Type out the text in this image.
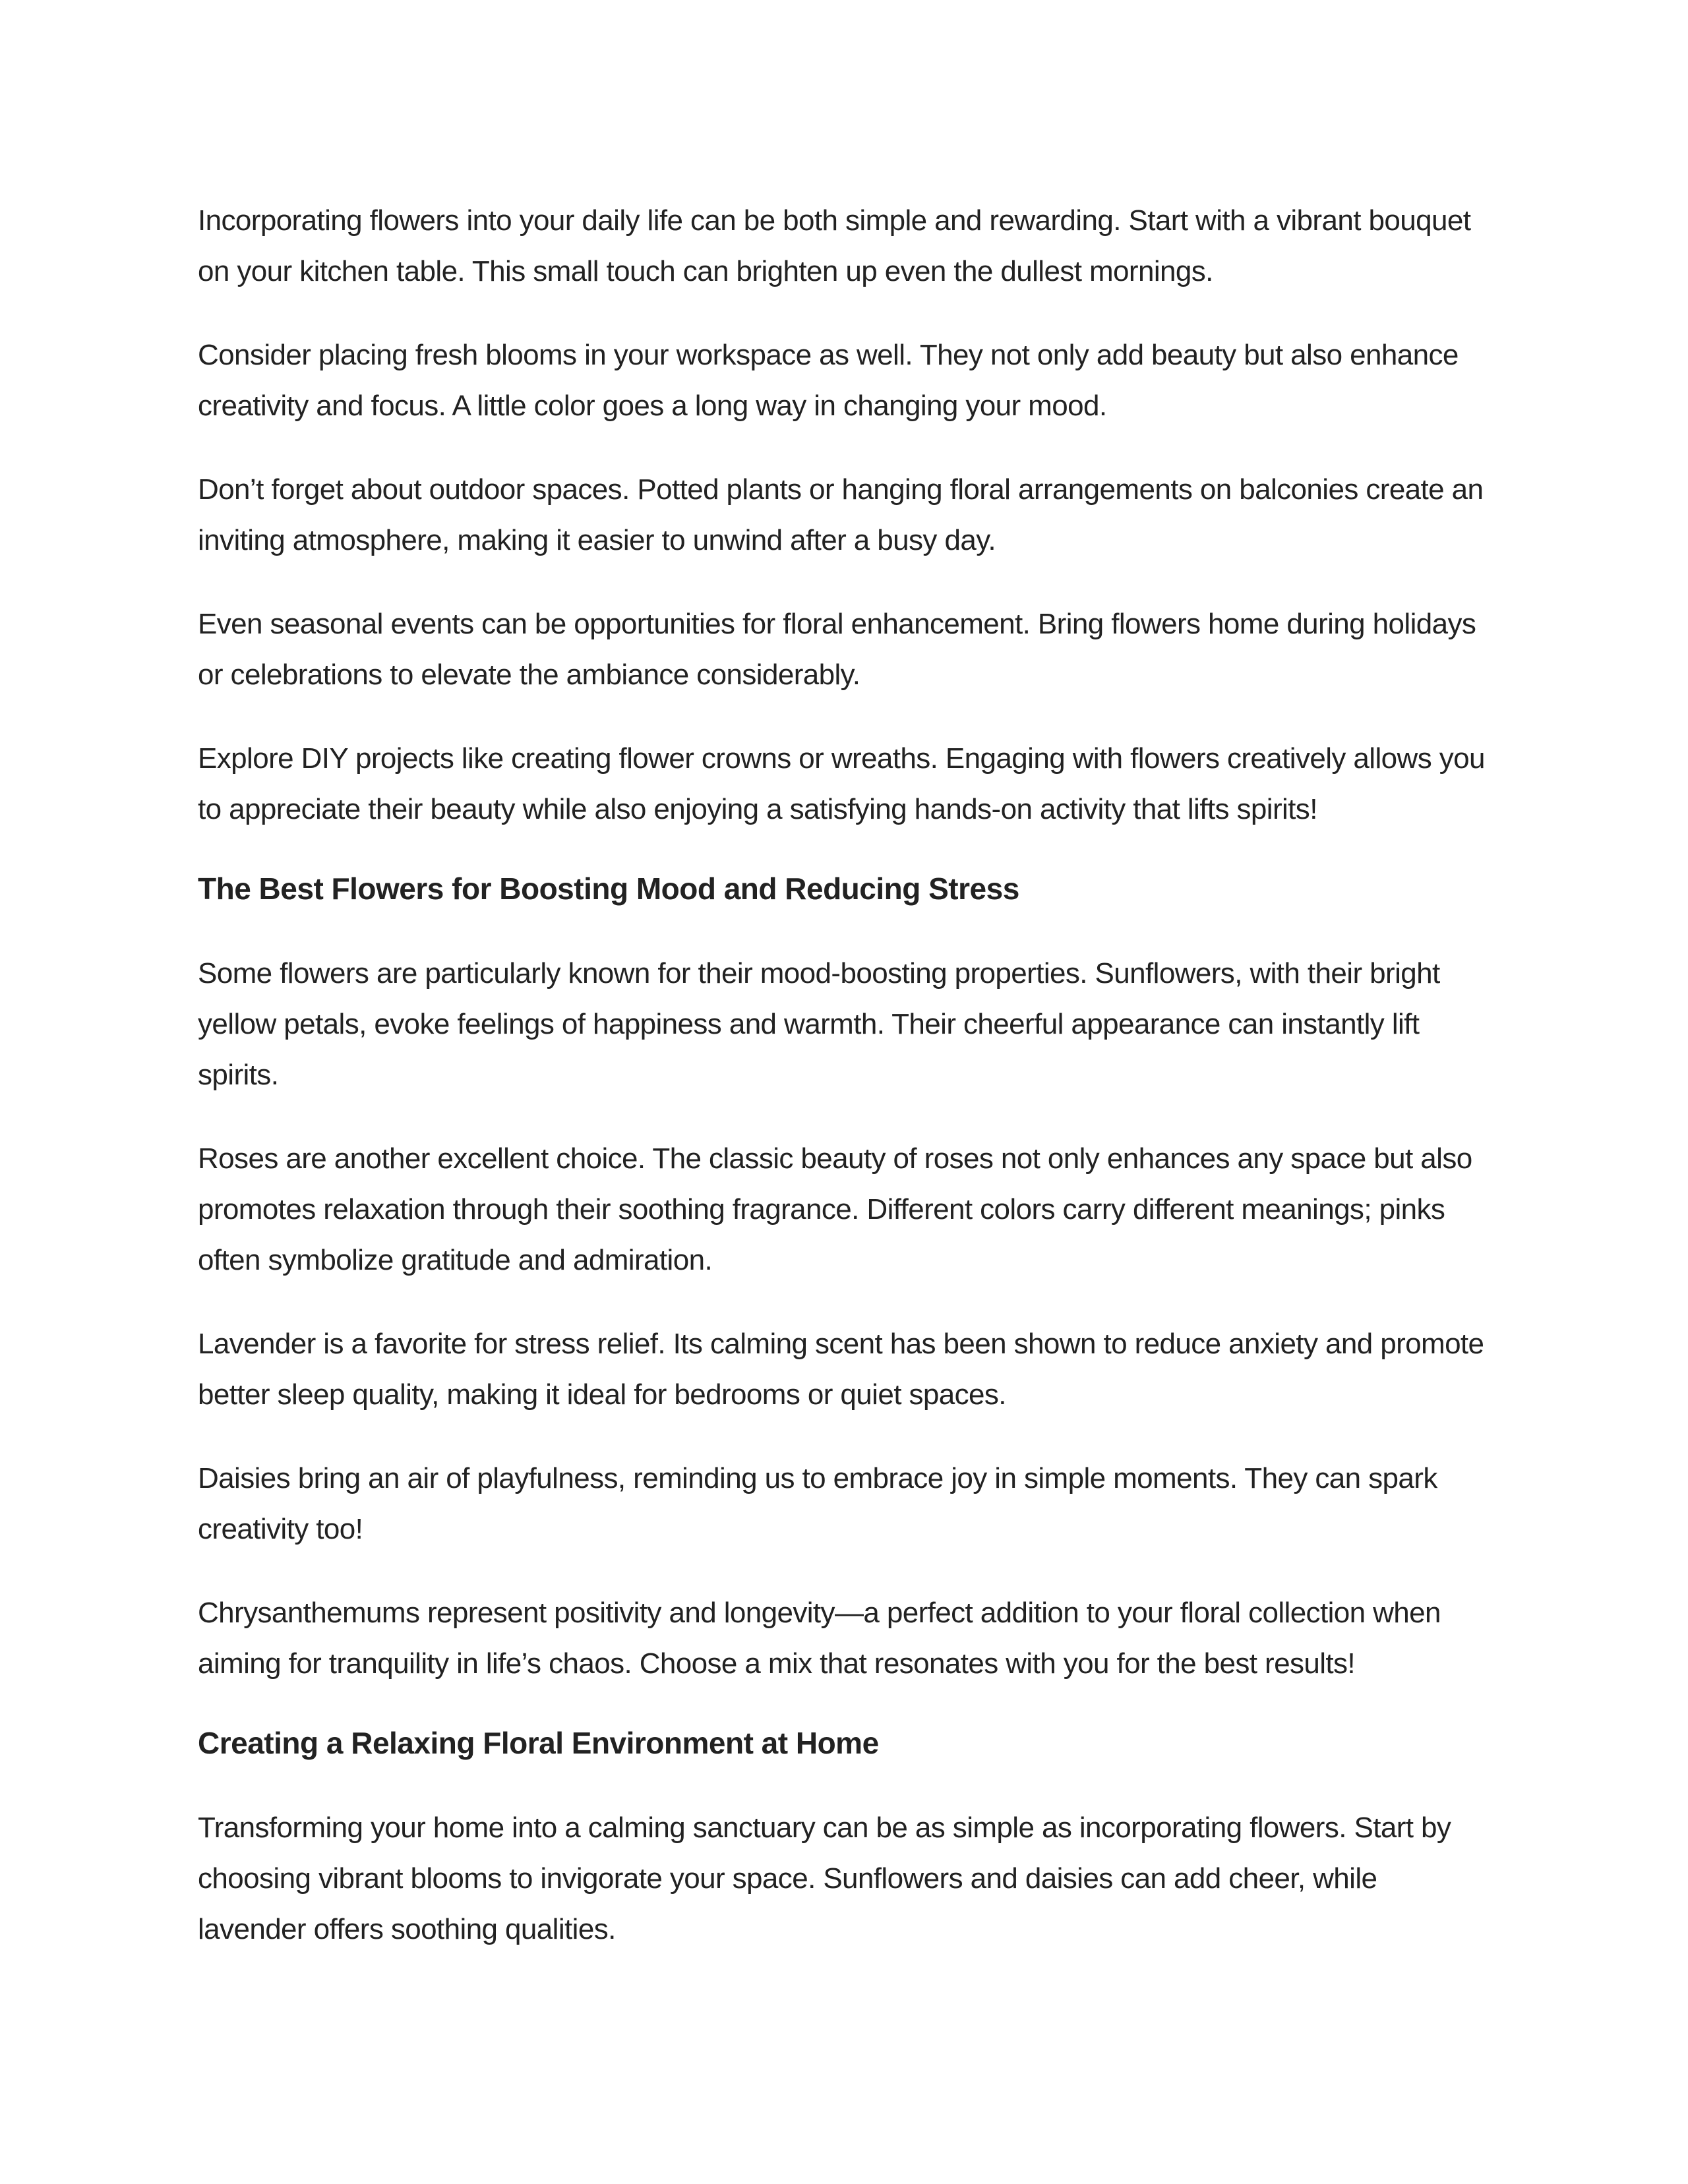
Incorporating flowers into your daily life can be both simple and rewarding. Start with a vibrant bouquet on your kitchen table. This small touch can brighten up even the dullest mornings.

Consider placing fresh blooms in your workspace as well. They not only add beauty but also enhance creativity and focus. A little color goes a long way in changing your mood.

Don’t forget about outdoor spaces. Potted plants or hanging floral arrangements on balconies create an inviting atmosphere, making it easier to unwind after a busy day.

Even seasonal events can be opportunities for floral enhancement. Bring flowers home during holidays or celebrations to elevate the ambiance considerably.

Explore DIY projects like creating flower crowns or wreaths. Engaging with flowers creatively allows you to appreciate their beauty while also enjoying a satisfying hands-on activity that lifts spirits!

The Best Flowers for Boosting Mood and Reducing Stress

Some flowers are particularly known for their mood-boosting properties. Sunflowers, with their bright yellow petals, evoke feelings of happiness and warmth. Their cheerful appearance can instantly lift spirits.

Roses are another excellent choice. The classic beauty of roses not only enhances any space but also promotes relaxation through their soothing fragrance. Different colors carry different meanings; pinks often symbolize gratitude and admiration.

Lavender is a favorite for stress relief. Its calming scent has been shown to reduce anxiety and promote better sleep quality, making it ideal for bedrooms or quiet spaces.

Daisies bring an air of playfulness, reminding us to embrace joy in simple moments. They can spark creativity too!

Chrysanthemums represent positivity and longevity—a perfect addition to your floral collection when aiming for tranquility in life’s chaos. Choose a mix that resonates with you for the best results!

Creating a Relaxing Floral Environment at Home

Transforming your home into a calming sanctuary can be as simple as incorporating flowers. Start by choosing vibrant blooms to invigorate your space. Sunflowers and daisies can add cheer, while lavender offers soothing qualities.
